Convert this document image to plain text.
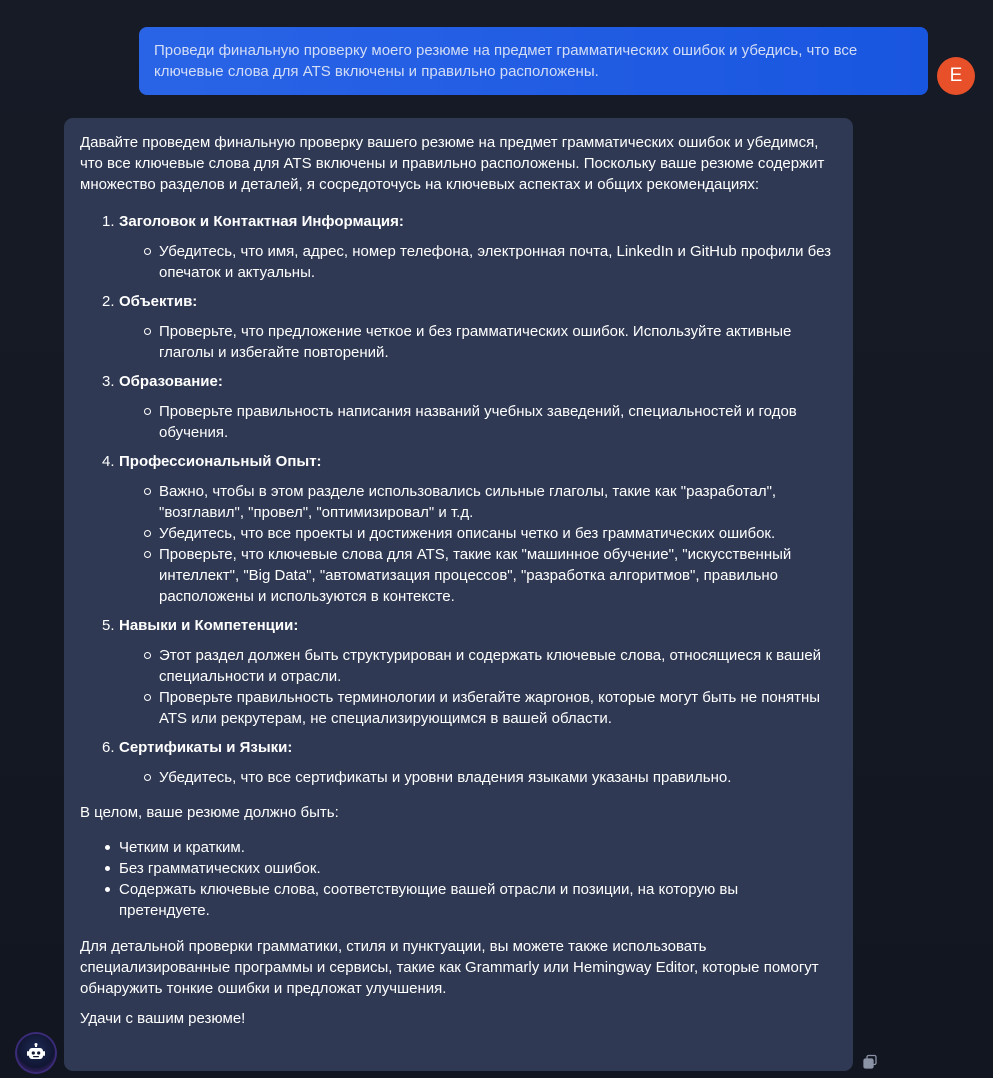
Проведи финальную проверку моего резюме на предмет грамматических ошибок и убедись, что все ключевые слова для ATS включены и правильно расположены.	E

Давайте проведем финальную проверку вашего резюме на предмет грамматических ошибок и убедимся, что все ключевые слова для ATS включены и правильно расположены. Поскольку ваше резюме содержит множество разделов и деталей, я сосредоточусь на ключевых аспектах и общих рекомендациях:

1. Заголовок и Контактная Информация:
Убедитесь, что имя, адрес, номер телефона, электронная почта, LinkedIn и GitHub профили без опечаток и актуальны.
2. Объектив:
Проверьте, что предложение четкое и без грамматических ошибок. Используйте активные глаголы и избегайте повторений.
3. Образование:
Проверьте правильность написания названий учебных заведений, специальностей и годов обучения.
4. Профессиональный Опыт:
Важно, чтобы в этом разделе использовались сильные глаголы, такие как "разработал", "возглавил", "провел", "оптимизировал" и т.д.
Убедитесь, что все проекты и достижения описаны четко и без грамматических ошибок.
Проверьте, что ключевые слова для ATS, такие как "машинное обучение", "искусственный интеллект", "Big Data", "автоматизация процессов", "разработка алгоритмов", правильно расположены и используются в контексте.
5. Навыки и Компетенции:
Этот раздел должен быть структурирован и содержать ключевые слова, относящиеся к вашей специальности и отрасли.
Проверьте правильность терминологии и избегайте жаргонов, которые могут быть не понятны ATS или рекрутерам, не специализирующимся в вашей области.
6. Сертификаты и Языки:
Убедитесь, что все сертификаты и уровни владения языками указаны правильно.

В целом, ваше резюме должно быть:

Четким и кратким.
Без грамматических ошибок.
Содержать ключевые слова, соответствующие вашей отрасли и позиции, на которую вы претендуете.

Для детальной проверки грамматики, стиля и пунктуации, вы можете также использовать специализированные программы и сервисы, такие как Grammarly или Hemingway Editor, которые помогут обнаружить тонкие ошибки и предложат улучшения.

Удачи с вашим резюме!
